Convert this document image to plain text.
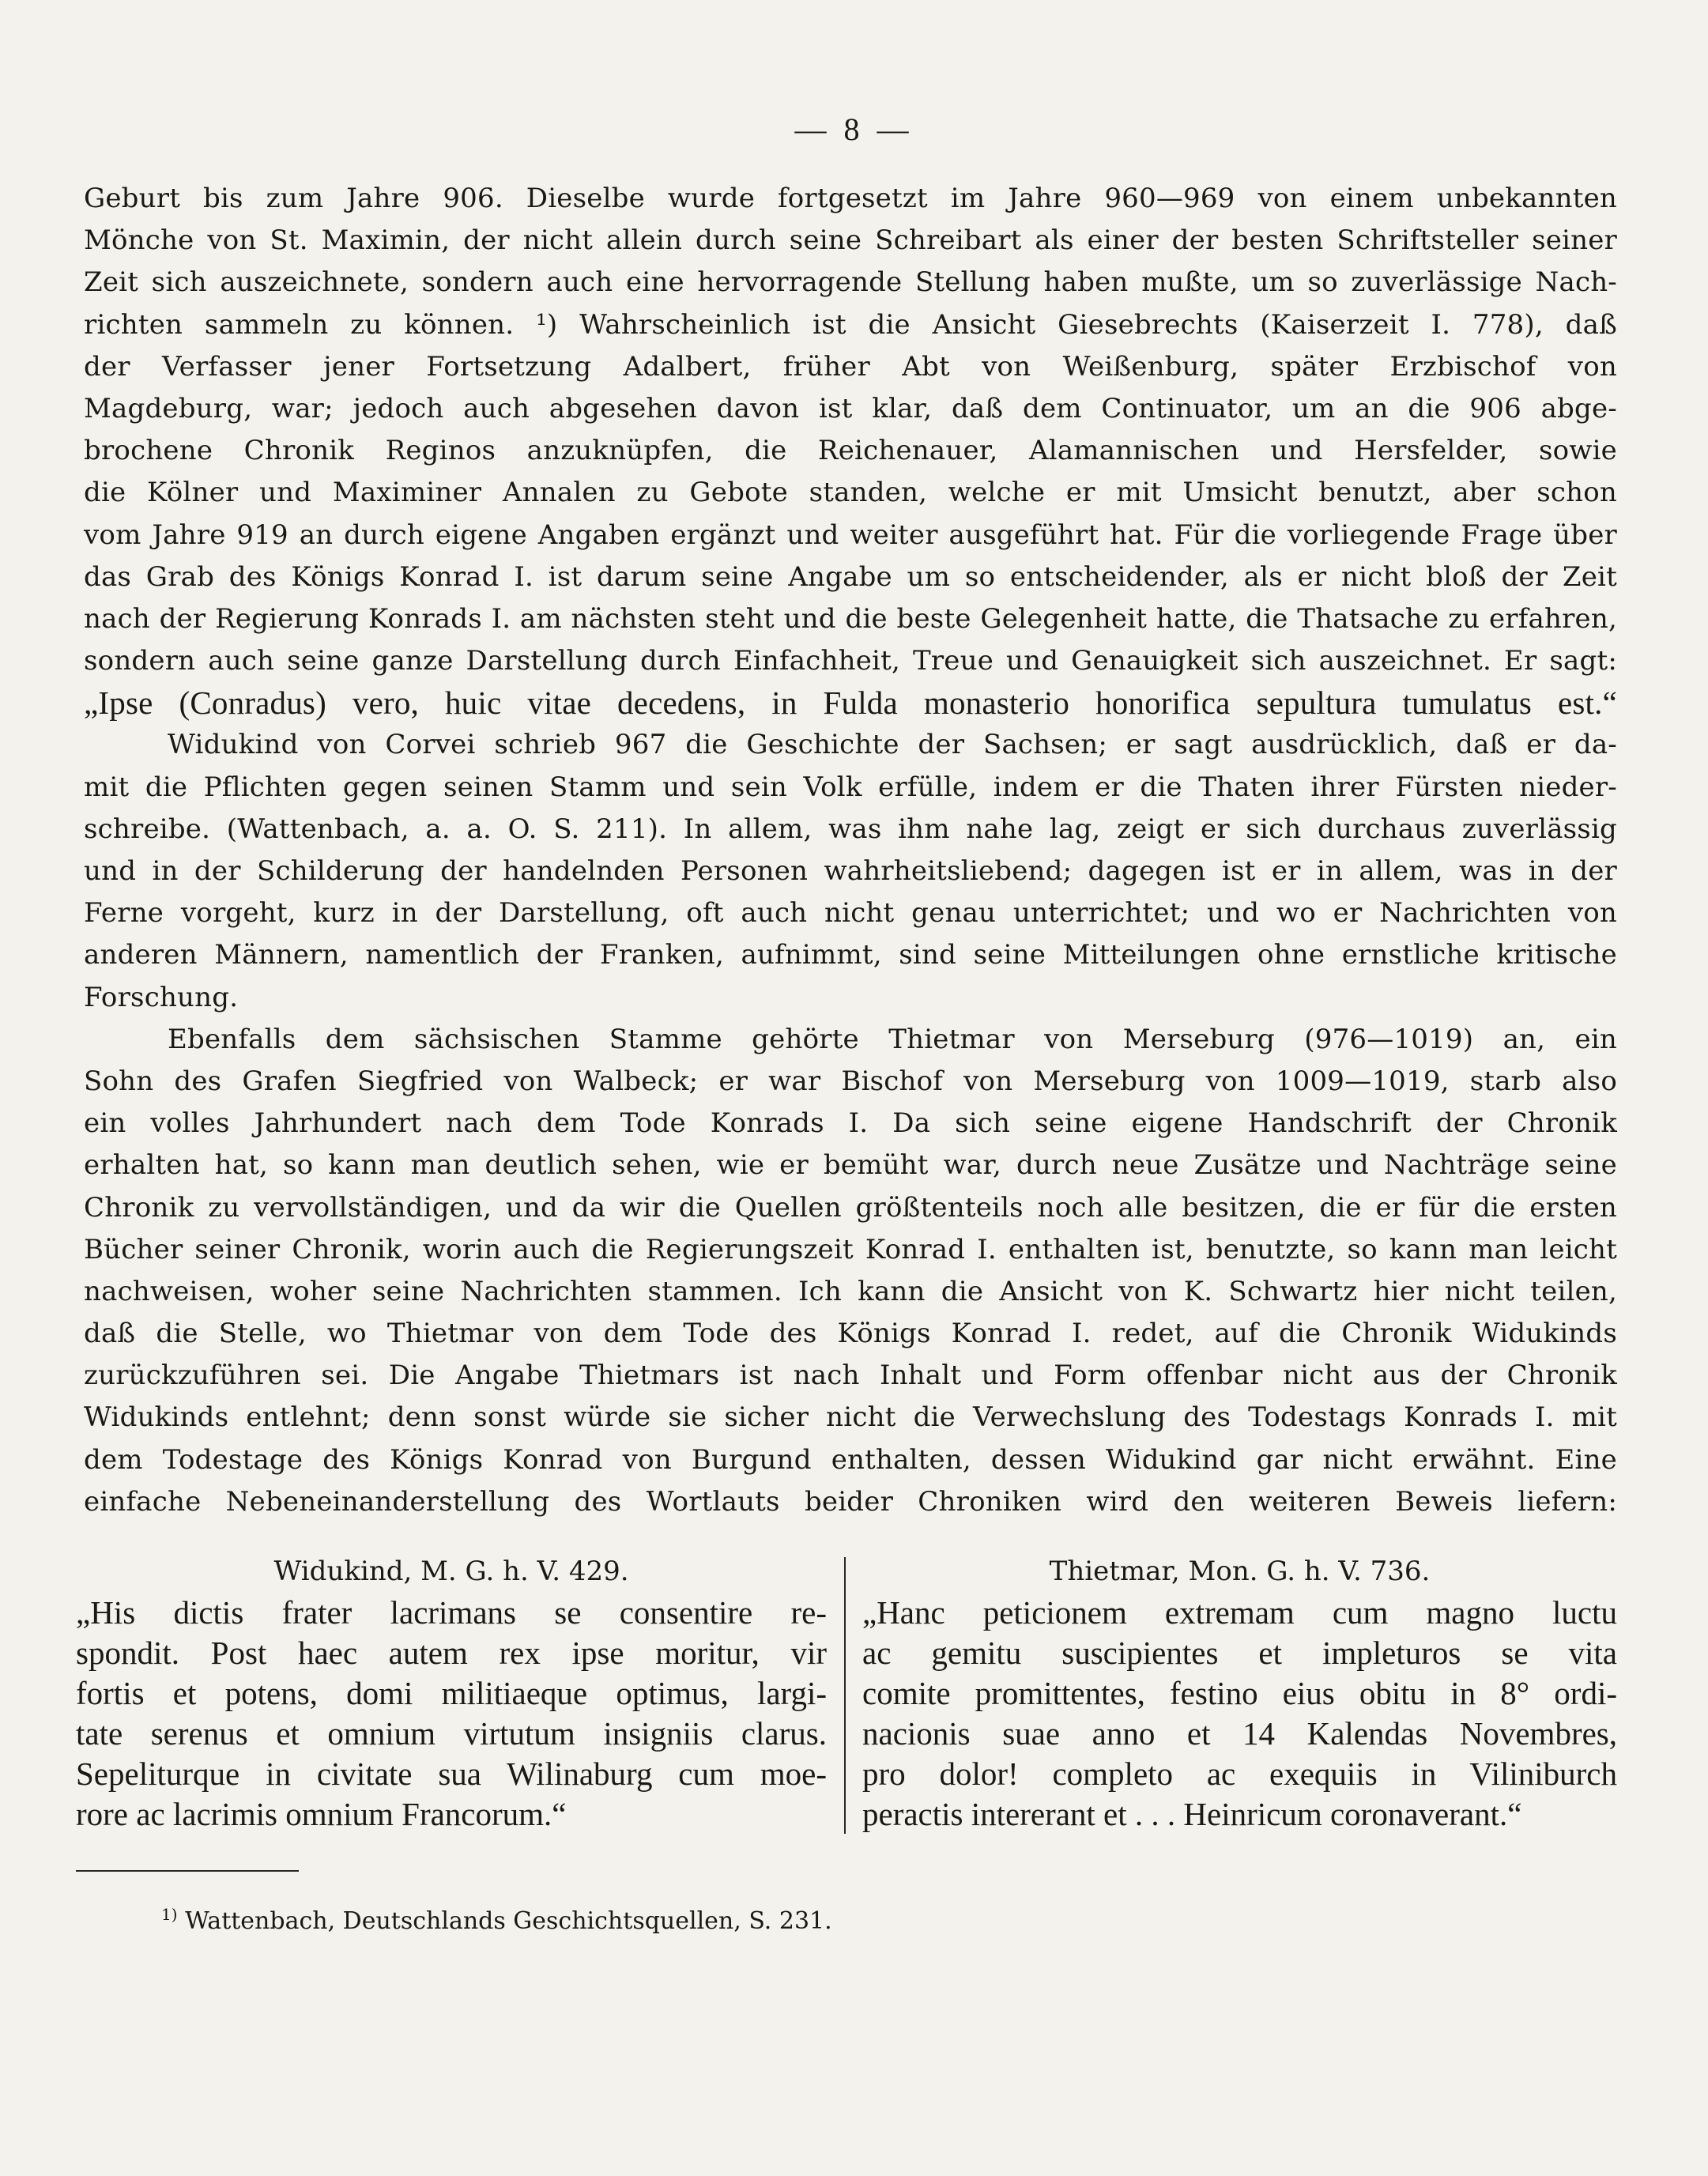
— 8 —
Geburt bis zum Jahre 906. Dieselbe wurde fortgesetzt im Jahre 960—969 von einem unbekannten
Mönche von St. Maximin, der nicht allein durch seine Schreibart als einer der besten Schriftsteller seiner
Zeit sich auszeichnete, sondern auch eine hervorragende Stellung haben mußte, um so zuverlässige Nach-
richten sammeln zu können. ¹) Wahrscheinlich ist die Ansicht Giesebrechts (Kaiserzeit I. 778), daß
der Verfasser jener Fortsetzung Adalbert, früher Abt von Weißenburg, später Erzbischof von
Magdeburg, war; jedoch auch abgesehen davon ist klar, daß dem Continuator, um an die 906 abge-
brochene Chronik Reginos anzuknüpfen, die Reichenauer, Alamannischen und Hersfelder, sowie
die Kölner und Maximiner Annalen zu Gebote standen, welche er mit Umsicht benutzt, aber schon
vom Jahre 919 an durch eigene Angaben ergänzt und weiter ausgeführt hat. Für die vorliegende Frage über
das Grab des Königs Konrad I. ist darum seine Angabe um so entscheidender, als er nicht bloß der Zeit
nach der Regierung Konrads I. am nächsten steht und die beste Gelegenheit hatte, die Thatsache zu erfahren,
sondern auch seine ganze Darstellung durch Einfachheit, Treue und Genauigkeit sich auszeichnet. Er sagt:
„Ipse (Conradus) vero, huic vitae decedens, in Fulda monasterio honorifica sepultura tumulatus est.“
Widukind von Corvei schrieb 967 die Geschichte der Sachsen; er sagt ausdrücklich, daß er da-
mit die Pflichten gegen seinen Stamm und sein Volk erfülle, indem er die Thaten ihrer Fürsten nieder-
schreibe. (Wattenbach, a. a. O. S. 211). In allem, was ihm nahe lag, zeigt er sich durchaus zuverlässig
und in der Schilderung der handelnden Personen wahrheitsliebend; dagegen ist er in allem, was in der
Ferne vorgeht, kurz in der Darstellung, oft auch nicht genau unterrichtet; und wo er Nachrichten von
anderen Männern, namentlich der Franken, aufnimmt, sind seine Mitteilungen ohne ernstliche kritische
Forschung.
Ebenfalls dem sächsischen Stamme gehörte Thietmar von Merseburg (976—1019) an, ein
Sohn des Grafen Siegfried von Walbeck; er war Bischof von Merseburg von 1009—1019, starb also
ein volles Jahrhundert nach dem Tode Konrads I. Da sich seine eigene Handschrift der Chronik
erhalten hat, so kann man deutlich sehen, wie er bemüht war, durch neue Zusätze und Nachträge seine
Chronik zu vervollständigen, und da wir die Quellen größtenteils noch alle besitzen, die er für die ersten
Bücher seiner Chronik, worin auch die Regierungszeit Konrad I. enthalten ist, benutzte, so kann man leicht
nachweisen, woher seine Nachrichten stammen. Ich kann die Ansicht von K. Schwartz hier nicht teilen,
daß die Stelle, wo Thietmar von dem Tode des Königs Konrad I. redet, auf die Chronik Widukinds
zurückzuführen sei. Die Angabe Thietmars ist nach Inhalt und Form offenbar nicht aus der Chronik
Widukinds entlehnt; denn sonst würde sie sicher nicht die Verwechslung des Todestags Konrads I. mit
dem Todestage des Königs Konrad von Burgund enthalten, dessen Widukind gar nicht erwähnt. Eine
einfache Nebeneinanderstellung des Wortlauts beider Chroniken wird den weiteren Beweis liefern:
Widukind, M. G. h. V. 429.
„His dictis frater lacrimans se consentire re-
spondit. Post haec autem rex ipse moritur, vir
fortis et potens, domi militiaeque optimus, largi-
tate serenus et omnium virtutum insigniis clarus.
Sepeliturque in civitate sua Wilinaburg cum moe-
rore ac lacrimis omnium Francorum.“
Thietmar, Mon. G. h. V. 736.
„Hanc peticionem extremam cum magno luctu
ac gemitu suscipientes et impleturos se vita
comite promittentes, festino eius obitu in 8° ordi-
nacionis suae anno et 14 Kalendas Novembres,
pro dolor! completo ac exequiis in Viliniburch
peractis intererant et . . . Heinricum coronaverant.“
$^{1)}$ Wattenbach, Deutschlands Geschichtsquellen, S. 231.
